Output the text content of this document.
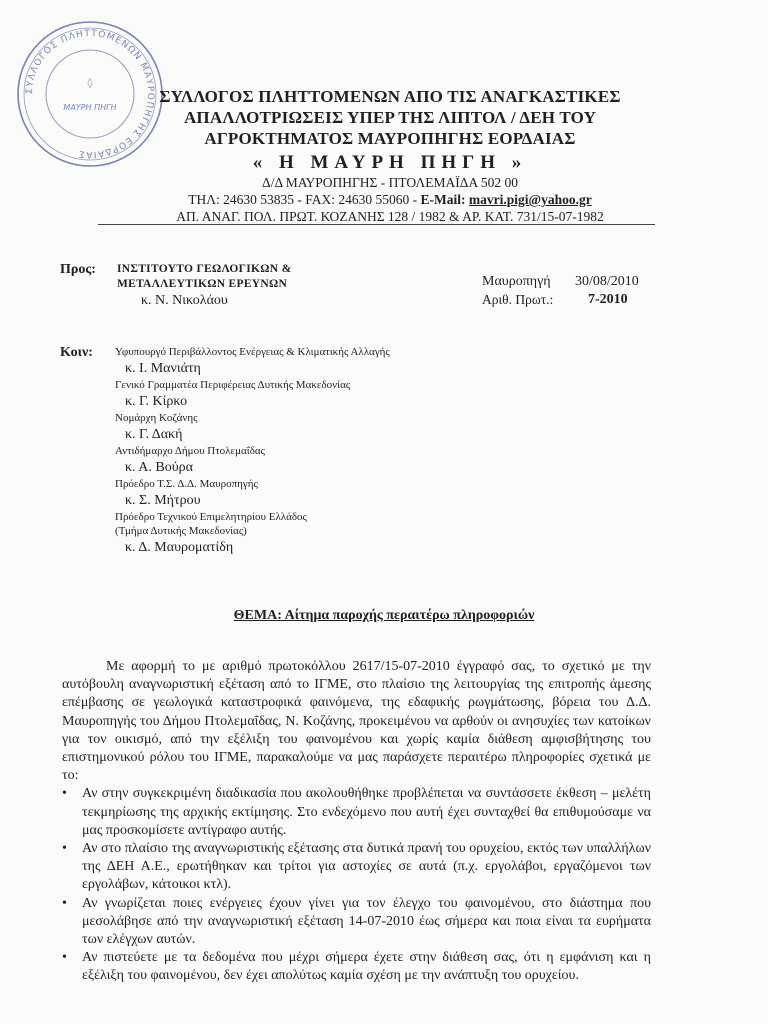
ΣΥΛΛΟΓΟΣ ΠΛΗΤΤΟΜΕΝΩΝ ΜΑΥΡΟΠΗΓΗΣ ΕΟΡΔΑΙΑΣ
◊
ΜΑΥΡΗ ΠΗΓΗ
ΣΥΛΛΟΓΟΣ ΠΛΗΤΤΟΜΕΝΩΝ ΑΠΟ ΤΙΣ ΑΝΑΓΚΑΣΤΙΚΕΣ
ΑΠΑΛΛΟΤΡΙΩΣΕΙΣ ΥΠΕΡ ΤΗΣ ΛΙΠΤΟΛ / ΔΕΗ ΤΟΥ
ΑΓΡΟΚΤΗΜΑΤΟΣ ΜΑΥΡΟΠΗΓΗΣ ΕΟΡΔΑΙΑΣ
« Η ΜΑΥΡΗ ΠΗΓΗ »
Δ/Δ ΜΑΥΡΟΠΗΓΗΣ - ΠΤΟΛΕΜΑΪΔΑ 502 00
ΤΗΛ: 24630 53835 - FAX: 24630 55060 - E-Mail: mavri.pigi@yahoo.gr
ΑΠ. ΑΝΑΓ. ΠΟΛ. ΠΡΩΤ. ΚΟΖΑΝΗΣ 128 / 1982 & ΑΡ. ΚΑΤ. 731/15-07-1982
Προς: ΙΝΣΤΙΤΟΥΤΟ ΓΕΩΛΟΓΙΚΩΝ &
ΜΕΤΑΛΛΕΥΤΙΚΩΝ ΕΡΕΥΝΩΝ
κ. Ν. Νικολάου
Μαυροπηγή 30/08/2010
Αριθ. Πρωτ.: 7-2010
Κοιν: Υφυπουργό Περιβάλλοντος Ενέργειας & Κλιματικής Αλλαγής
κ. Ι. Μανιάτη
Γενικό Γραμματέα Περιφέρειας Δυτικής Μακεδονίας
κ. Γ. Κίρκο
Νομάρχη Κοζάνης
κ. Γ. Δακή
Αντιδήμαρχο Δήμου Πτολεμαΐδας
κ. Α. Βούρα
Πρόεδρο Τ.Σ. Δ.Δ. Μαυροπηγής
κ. Σ. Μήτρου
Πρόεδρο Τεχνικού Επιμελητηρίου Ελλάδος
(Τμήμα Δυτικής Μακεδονίας)
κ. Δ. Μαυροματίδη
ΘΕΜΑ: Αίτημα παροχής περαιτέρω πληροφοριών

Με αφορμή το με αριθμό πρωτοκόλλου 2617/15-07-2010 έγγραφό σας, το σχετικό με την αυτόβουλη αναγνωριστική εξέταση από το ΙΓΜΕ, στο πλαίσιο της λειτουργίας της επιτροπής άμεσης επέμβασης σε γεωλογικά καταστροφικά φαινόμενα, της εδαφικής ρωγμάτωσης, βόρεια του Δ.Δ. Μαυροπηγής του Δήμου Πτολεμαΐδας, Ν. Κοζάνης, προκειμένου να αρθούν οι ανησυχίες των κατοίκων για τον οικισμό, από την εξέλιξη του φαινομένου και χωρίς καμία διάθεση αμφισβήτησης του επιστημονικού ρόλου του ΙΓΜΕ, παρακαλούμε να μας παράσχετε περαιτέρω πληροφορίες σχετικά με το:

• Αν στην συγκεκριμένη διαδικασία που ακολουθήθηκε προβλέπεται να συντάσσετε έκθεση – μελέτη τεκμηρίωσης της αρχικής εκτίμησης. Στο ενδεχόμενο που αυτή έχει συνταχθεί θα επιθυμούσαμε να μας προσκομίσετε αντίγραφο αυτής.
• Αν στο πλαίσιο της αναγνωριστικής εξέτασης στα δυτικά πρανή του ορυχείου, εκτός των υπαλλήλων της ΔΕΗ Α.Ε., ερωτήθηκαν και τρίτοι για αστοχίες σε αυτά (π.χ. εργολάβοι, εργαζόμενοι των εργολάβων, κάτοικοι κτλ).
• Αν γνωρίζεται ποιες ενέργειες έχουν γίνει για τον έλεγχο του φαινομένου, στο διάστημα που μεσολάβησε από την αναγνωριστική εξέταση 14-07-2010 έως σήμερα και ποια είναι τα ευρήματα των ελέγχων αυτών.
• Αν πιστεύετε με τα δεδομένα που μέχρι σήμερα έχετε στην διάθεση σας, ότι η εμφάνιση και η εξέλιξη του φαινομένου, δεν έχει απολύτως καμία σχέση με την ανάπτυξη του ορυχείου.
